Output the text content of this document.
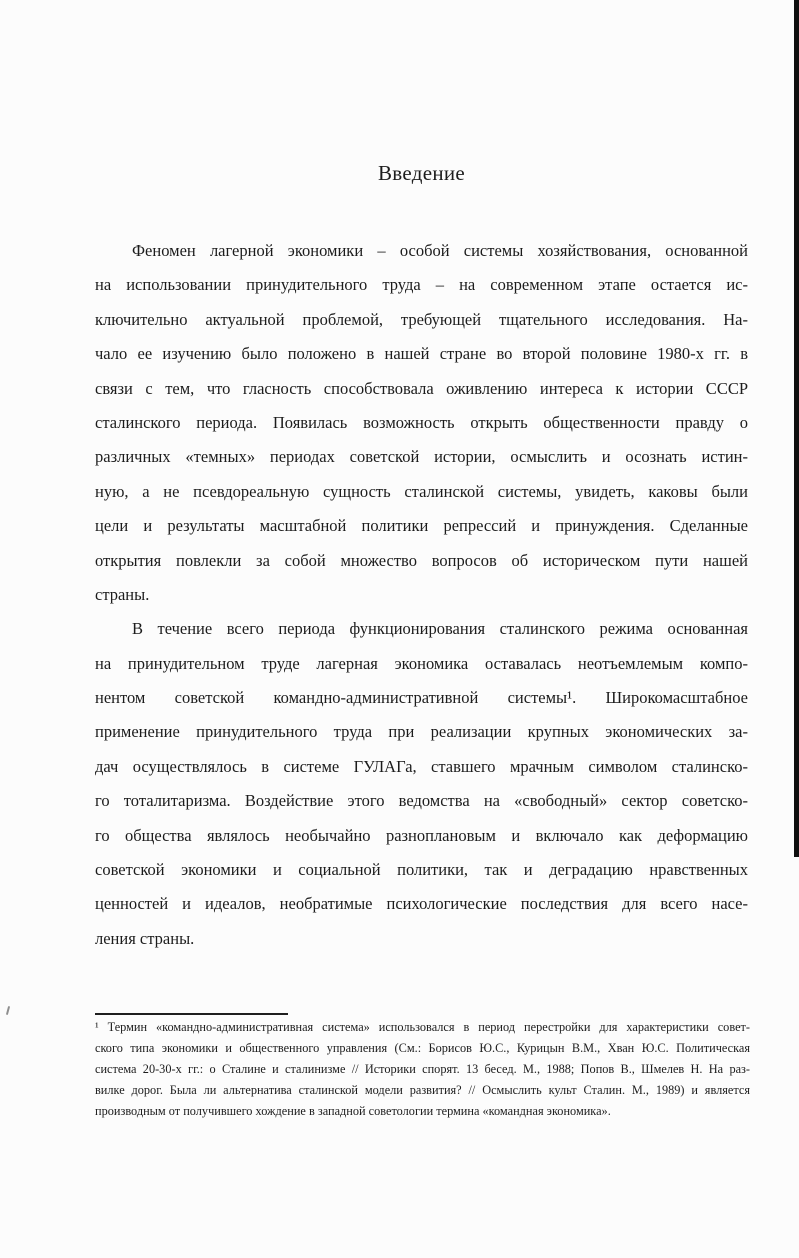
Введение
Феномен лагерной экономики – особой системы хозяйствования, основанной
на использовании принудительного труда – на современном этапе остается ис-
ключительно актуальной проблемой, требующей тщательного исследования. На-
чало ее изучению было положено в нашей стране во второй половине 1980-х гг. в
связи с тем, что гласность способствовала оживлению интереса к истории СССР
сталинского периода. Появилась возможность открыть общественности правду о
различных «темных» периодах советской истории, осмыслить и осознать истин-
ную, а не псевдореальную сущность сталинской системы, увидеть, каковы были
цели и результаты масштабной политики репрессий и принуждения. Сделанные
открытия повлекли за собой множество вопросов об историческом пути нашей
страны.
В течение всего периода функционирования сталинского режима основанная
на принудительном труде лагерная экономика оставалась неотъемлемым компо-
нентом советской командно-административной системы¹. Широкомасштабное
применение принудительного труда при реализации крупных экономических за-
дач осуществлялось в системе ГУЛАГа, ставшего мрачным символом сталинско-
го тоталитаризма. Воздействие этого ведомства на «свободный» сектор советско-
го общества являлось необычайно разноплановым и включало как деформацию
советской экономики и социальной политики, так и деградацию нравственных
ценностей и идеалов, необратимые психологические последствия для всего насе-
ления страны.
¹ Термин «командно-административная система» использовался в период перестройки для характеристики совет-
ского типа экономики и общественного управления (См.: Борисов Ю.С., Курицын В.М., Хван Ю.С. Политическая
система 20-30-х гг.: о Сталине и сталинизме // Историки спорят. 13 бесед. М., 1988; Попов В., Шмелев Н. На раз-
вилке дорог. Была ли альтернатива сталинской модели развития? // Осмыслить культ Сталин. М., 1989) и является
производным от получившего хождение в западной советологии термина «командная экономика».
